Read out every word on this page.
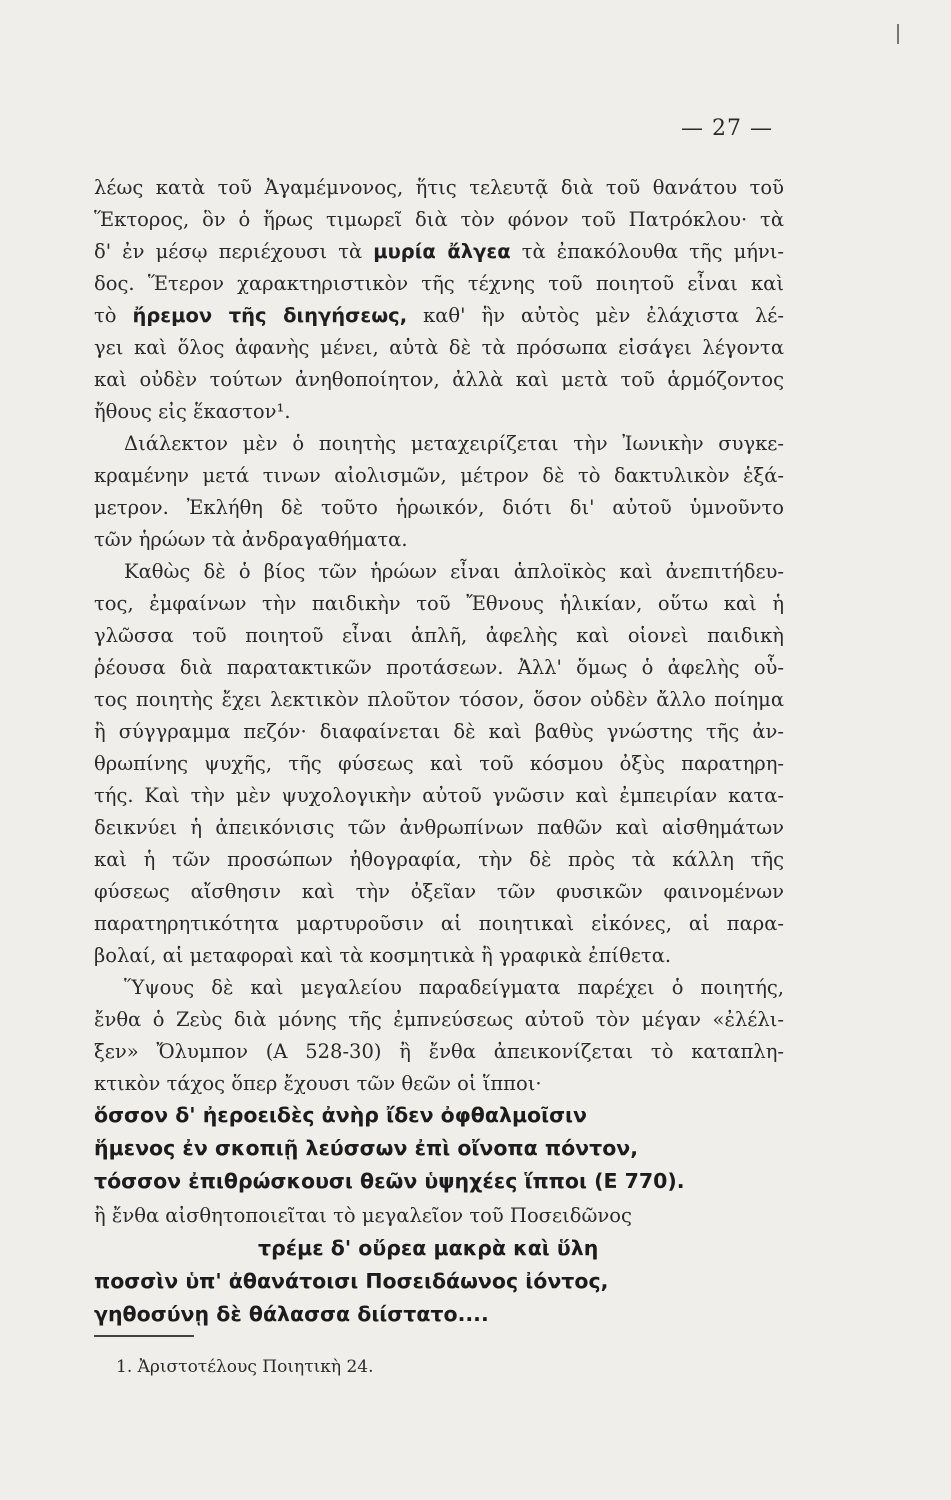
— 27 —
λέως κατὰ τοῦ Ἀγαμέμνονος, ἥτις τελευτᾷ διὰ τοῦ θανάτου τοῦ
Ἕκτορος, ὃν ὁ ἥρως τιμωρεῖ διὰ τὸν φόνον τοῦ Πατρόκλου· τὰ
δ' ἐν μέσῳ περιέχουσι τὰ μυρία ἄλγεα τὰ ἐπακόλουθα τῆς μήνι-
δος. Ἕτερον χαρακτηριστικὸν τῆς τέχνης τοῦ ποιητοῦ εἶναι καὶ
τὸ ἤρεμον τῆς διηγήσεως, καθ' ἣν αὐτὸς μὲν ἐλάχιστα λέ-
γει καὶ ὅλος ἀφανὴς μένει, αὐτὰ δὲ τὰ πρόσωπα εἰσάγει λέγοντα
καὶ οὐδὲν τούτων ἀνηθοποίητον, ἀλλὰ καὶ μετὰ τοῦ ἁρμόζοντος
ἤθους εἰς ἕκαστον¹.
Διάλεκτον μὲν ὁ ποιητὴς μεταχειρίζεται τὴν Ἰωνικὴν συγκε-
κραμένην μετά τινων αἰολισμῶν, μέτρον δὲ τὸ δακτυλικὸν ἑξά-
μετρον. Ἐκλήθη δὲ τοῦτο ἡρωικόν, διότι δι' αὐτοῦ ὑμνοῦντο
τῶν ἡρώων τὰ ἀνδραγαθήματα.
Καθὼς δὲ ὁ βίος τῶν ἡρώων εἶναι ἁπλοϊκὸς καὶ ἀνεπιτήδευ-
τος, ἐμφαίνων τὴν παιδικὴν τοῦ Ἔθνους ἡλικίαν, οὕτω καὶ ἡ
γλῶσσα τοῦ ποιητοῦ εἶναι ἁπλῆ, ἀφελὴς καὶ οἱονεὶ παιδικὴ
ῥέουσα διὰ παρατακτικῶν προτάσεων. Ἀλλ' ὅμως ὁ ἀφελὴς οὗ-
τος ποιητὴς ἔχει λεκτικὸν πλοῦτον τόσον, ὅσον οὐδὲν ἄλλο ποίημα
ἢ σύγγραμμα πεζόν· διαφαίνεται δὲ καὶ βαθὺς γνώστης τῆς ἀν-
θρωπίνης ψυχῆς, τῆς φύσεως καὶ τοῦ κόσμου ὀξὺς παρατηρη-
τής. Καὶ τὴν μὲν ψυχολογικὴν αὐτοῦ γνῶσιν καὶ ἐμπειρίαν κατα-
δεικνύει ἡ ἀπεικόνισις τῶν ἀνθρωπίνων παθῶν καὶ αἰσθημάτων
καὶ ἡ τῶν προσώπων ἠθογραφία, τὴν δὲ πρὸς τὰ κάλλη τῆς
φύσεως αἴσθησιν καὶ τὴν ὀξεῖαν τῶν φυσικῶν φαινομένων
παρατηρητικότητα μαρτυροῦσιν αἱ ποιητικαὶ εἰκόνες, αἱ παρα-
βολαί, αἱ μεταφοραὶ καὶ τὰ κοσμητικὰ ἢ γραφικὰ ἐπίθετα.
Ὕψους δὲ καὶ μεγαλείου παραδείγματα παρέχει ὁ ποιητής,
ἔνθα ὁ Ζεὺς διὰ μόνης τῆς ἐμπνεύσεως αὐτοῦ τὸν μέγαν «ἐλέλι-
ξεν» Ὄλυμπον (Α 528-30) ἢ ἔνθα ἀπεικονίζεται τὸ καταπλη-
κτικὸν τάχος ὅπερ ἔχουσι τῶν θεῶν οἱ ἵπποι·
ὅσσον δ' ἠεροειδὲς ἀνὴρ ἴδεν ὀφθαλμοῖσιν
ἥμενος ἐν σκοπιῇ λεύσσων ἐπὶ οἴνοπα πόντον,
τόσσον ἐπιθρώσκουσι θεῶν ὑψηχέες ἵπποι (Ε 770).
ἢ ἔνθα αἰσθητοποιεῖται τὸ μεγαλεῖον τοῦ Ποσειδῶνος
τρέμε δ' οὔρεα μακρὰ καὶ ὕλη
ποσσὶν ὑπ' ἀθανάτοισι Ποσειδάωνος ἰόντος,
γηθοσύνῃ δὲ θάλασσα διίστατο....
1. Ἀριστοτέλους Ποιητικὴ 24.
